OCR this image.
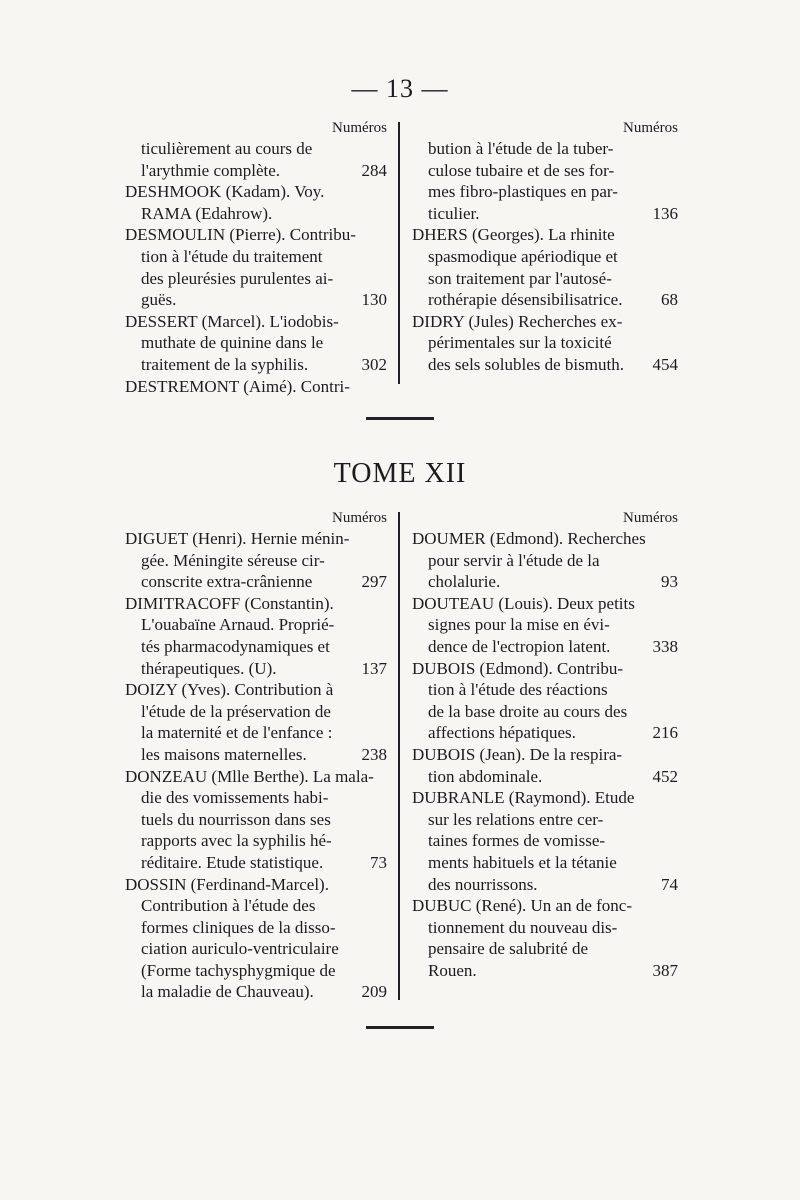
— 13 —
Numéros
ticulièrement au cours de
l'arythmie complète.	284
DESHMOOK (Kadam). Voy.
RAMA (Edahrow).
DESMOULIN (Pierre). Contribu-
tion à l'étude du traitement
des pleurésies purulentes ai-
guës.	130
DESSERT (Marcel). L'iodobis-
muthate de quinine dans le
traitement de la syphilis.	302
DESTREMONT (Aimé). Contri-
Numéros
bution à l'étude de la tuber-
culose tubaire et de ses for-
mes fibro-plastiques en par-
ticulier.	136
DHERS (Georges). La rhinite
spasmodique apériodique et
son traitement par l'autosé-
rothérapie désensibilisatrice. 68
DIDRY (Jules) Recherches ex-
périmentales sur la toxicité
des sels solubles de bismuth. 454
TOME XII
Numéros
DIGUET (Henri). Hernie ménin-
gée. Méningite séreuse cir-
conscrite extra-crânienne	297
DIMITRACOFF (Constantin).
L'ouabaïne Arnaud. Proprié-
tés pharmacodynamiques et
thérapeutiques. (U).	137
DOIZY (Yves). Contribution à
l'étude de la préservation de
la maternité et de l'enfance :
les maisons maternelles.	238
DONZEAU (Mlle Berthe). La mala-
die des vomissements habi-
tuels du nourrisson dans ses
rapports avec la syphilis hé-
réditaire. Etude statistique.	73
DOSSIN (Ferdinand-Marcel).
Contribution à l'étude des
formes cliniques de la disso-
ciation auriculo-ventriculaire
(Forme tachysphygmique de
la maladie de Chauveau).	209
Numéros
DOUMER (Edmond). Recherches
pour servir à l'étude de la
cholalurie.	93
DOUTEAU (Louis). Deux petits
signes pour la mise en évi-
dence de l'ectropion latent. 338
DUBOIS (Edmond). Contribu-
tion à l'étude des réactions
de la base droite au cours des
affections hépatiques.	216
DUBOIS (Jean). De la respira-
tion abdominale.	452
DUBRANLE (Raymond). Etude
sur les relations entre cer-
taines formes de vomisse-
ments habituels et la tétanie
des nourrissons.	74
DUBUC (René). Un an de fonc-
tionnement du nouveau dis-
pensaire de salubrité de
Rouen.	387
